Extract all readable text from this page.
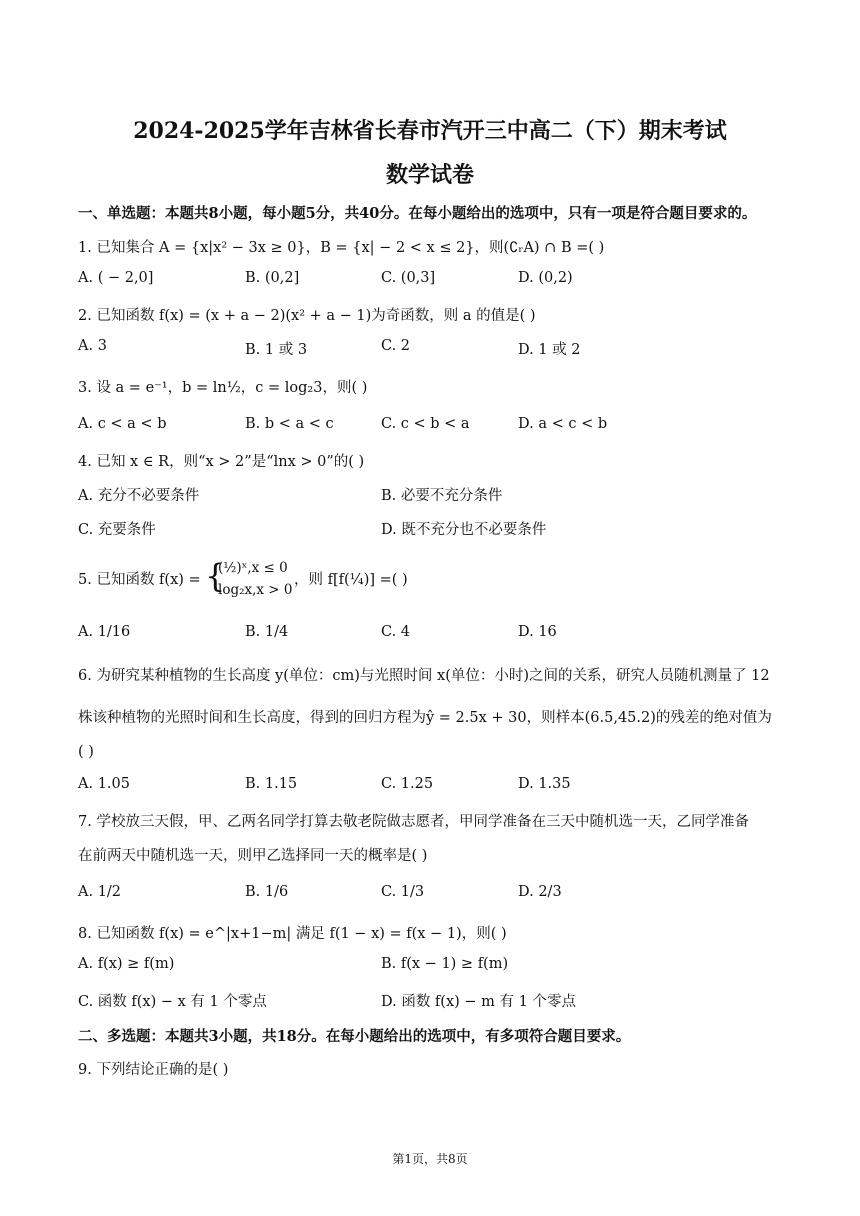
2024-2025学年吉林省长春市汽开三中高二（下）期末考试
数学试卷
一、单选题：本题共8小题，每小题5分，共40分。在每小题给出的选项中，只有一项是符合题目要求的。
1. 已知集合 A = {x|x² − 3x ≥ 0}，B = {x| − 2 < x ≤ 2}，则(∁ᵣA) ∩ B =( )
A. ( − 2,0]	B. (0,2]	C. (0,3]	D. (0,2)
2. 已知函数 f(x) = (x + a − 2)(x² + a − 1)为奇函数，则 a 的值是( )
A. 3	B. 1 或 3	C. 2	D. 1 或 2
3. 设 a = e⁻¹，b = ln½，c = log₂3，则( )
A. c < a < b	B. b < a < c	C. c < b < a	D. a < c < b
4. 已知 x ∈ R，则“x > 2”是“lnx > 0”的( )
A. 充分不必要条件	B. 必要不充分条件
C. 充要条件	D. 既不充分也不必要条件
5. 已知函数 f(x) = {
(½)ˣ,x ≤ 0
log₂x,x > 0
，则 f[f(¼)] =( )
A. 1/16	B. 1/4	C. 4	D. 16
6. 为研究某种植物的生长高度 y(单位：cm)与光照时间 x(单位：小时)之间的关系，研究人员随机测量了 12
株该种植物的光照时间和生长高度，得到的回归方程为ŷ = 2.5x + 30，则样本(6.5,45.2)的残差的绝对值为
( )
A. 1.05	B. 1.15	C. 1.25	D. 1.35
7. 学校放三天假，甲、乙两名同学打算去敬老院做志愿者，甲同学准备在三天中随机选一天，乙同学准备
在前两天中随机选一天，则甲乙选择同一天的概率是( )
A. 1/2	B. 1/6	C. 1/3	D. 2/3
8. 已知函数 f(x) = e^|x+1−m| 满足 f(1 − x) = f(x − 1)，则( )
A. f(x) ≥ f(m)	B. f(x − 1) ≥ f(m)
C. 函数 f(x) − x 有 1 个零点	D. 函数 f(x) − m 有 1 个零点
二、多选题：本题共3小题，共18分。在每小题给出的选项中，有多项符合题目要求。
9. 下列结论正确的是( )
第1页，共8页
